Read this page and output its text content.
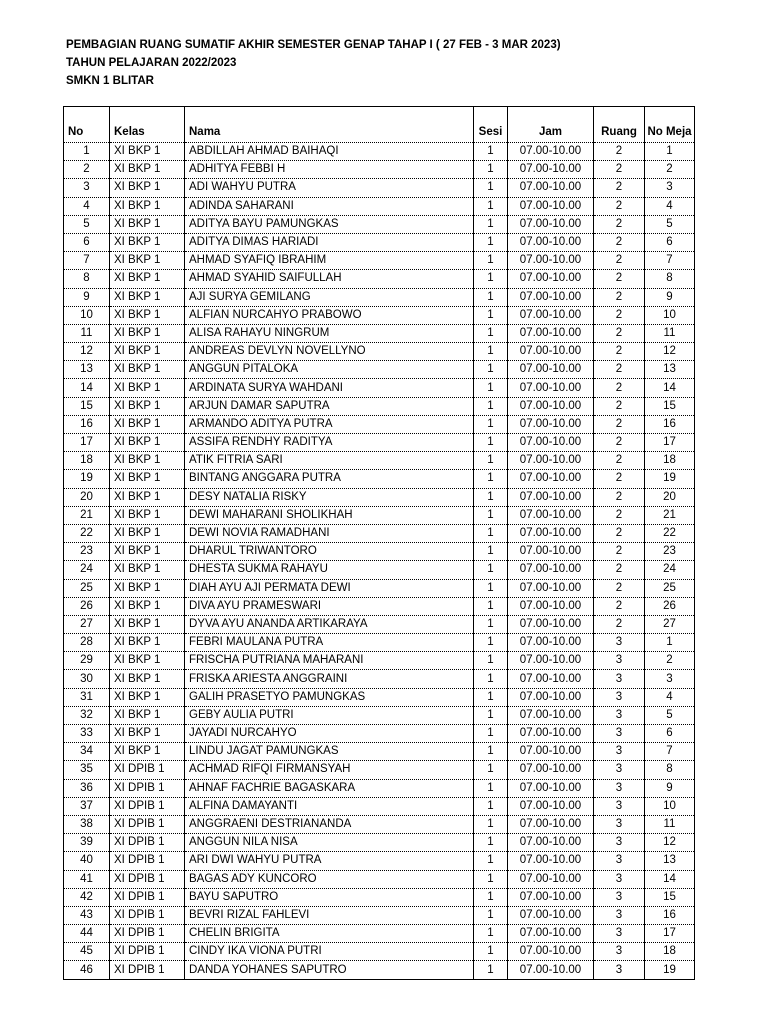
PEMBAGIAN RUANG SUMATIF AKHIR SEMESTER GENAP TAHAP I ( 27 FEB - 3 MAR 2023)
TAHUN PELAJARAN 2022/2023
SMKN 1 BLITAR
No	Kelas	Nama	Sesi	Jam	Ruang	No Meja
1	XI BKP 1	ABDILLAH AHMAD BAIHAQI	1	07.00-10.00	2	1
2	XI BKP 1	ADHITYA FEBBI H	1	07.00-10.00	2	2
3	XI BKP 1	ADI WAHYU PUTRA	1	07.00-10.00	2	3
4	XI BKP 1	ADINDA SAHARANI	1	07.00-10.00	2	4
5	XI BKP 1	ADITYA BAYU PAMUNGKAS	1	07.00-10.00	2	5
6	XI BKP 1	ADITYA DIMAS HARIADI	1	07.00-10.00	2	6
7	XI BKP 1	AHMAD SYAFIQ IBRAHIM	1	07.00-10.00	2	7
8	XI BKP 1	AHMAD SYAHID SAIFULLAH	1	07.00-10.00	2	8
9	XI BKP 1	AJI SURYA GEMILANG	1	07.00-10.00	2	9
10	XI BKP 1	ALFIAN NURCAHYO PRABOWO	1	07.00-10.00	2	10
11	XI BKP 1	ALISA RAHAYU NINGRUM	1	07.00-10.00	2	11
12	XI BKP 1	ANDREAS DEVLYN NOVELLYNO	1	07.00-10.00	2	12
13	XI BKP 1	ANGGUN PITALOKA	1	07.00-10.00	2	13
14	XI BKP 1	ARDINATA SURYA WAHDANI	1	07.00-10.00	2	14
15	XI BKP 1	ARJUN DAMAR SAPUTRA	1	07.00-10.00	2	15
16	XI BKP 1	ARMANDO ADITYA PUTRA	1	07.00-10.00	2	16
17	XI BKP 1	ASSIFA RENDHY RADITYA	1	07.00-10.00	2	17
18	XI BKP 1	ATIK FITRIA SARI	1	07.00-10.00	2	18
19	XI BKP 1	BINTANG ANGGARA PUTRA	1	07.00-10.00	2	19
20	XI BKP 1	DESY NATALIA RISKY	1	07.00-10.00	2	20
21	XI BKP 1	DEWI MAHARANI SHOLIKHAH	1	07.00-10.00	2	21
22	XI BKP 1	DEWI NOVIA RAMADHANI	1	07.00-10.00	2	22
23	XI BKP 1	DHARUL TRIWANTORO	1	07.00-10.00	2	23
24	XI BKP 1	DHESTA SUKMA RAHAYU	1	07.00-10.00	2	24
25	XI BKP 1	DIAH AYU AJI PERMATA DEWI	1	07.00-10.00	2	25
26	XI BKP 1	DIVA AYU PRAMESWARI	1	07.00-10.00	2	26
27	XI BKP 1	DYVA AYU ANANDA ARTIKARAYA	1	07.00-10.00	2	27
28	XI BKP 1	FEBRI MAULANA PUTRA	1	07.00-10.00	3	1
29	XI BKP 1	FRISCHA PUTRIANA MAHARANI	1	07.00-10.00	3	2
30	XI BKP 1	FRISKA ARIESTA ANGGRAINI	1	07.00-10.00	3	3
31	XI BKP 1	GALIH PRASETYO PAMUNGKAS	1	07.00-10.00	3	4
32	XI BKP 1	GEBY AULIA PUTRI	1	07.00-10.00	3	5
33	XI BKP 1	JAYADI NURCAHYO	1	07.00-10.00	3	6
34	XI BKP 1	LINDU JAGAT PAMUNGKAS	1	07.00-10.00	3	7
35	XI DPIB 1	ACHMAD RIFQI FIRMANSYAH	1	07.00-10.00	3	8
36	XI DPIB 1	AHNAF FACHRIE BAGASKARA	1	07.00-10.00	3	9
37	XI DPIB 1	ALFINA DAMAYANTI	1	07.00-10.00	3	10
38	XI DPIB 1	ANGGRAENI DESTRIANANDA	1	07.00-10.00	3	11
39	XI DPIB 1	ANGGUN NILA NISA	1	07.00-10.00	3	12
40	XI DPIB 1	ARI DWI WAHYU PUTRA	1	07.00-10.00	3	13
41	XI DPIB 1	BAGAS ADY KUNCORO	1	07.00-10.00	3	14
42	XI DPIB 1	BAYU SAPUTRO	1	07.00-10.00	3	15
43	XI DPIB 1	BEVRI RIZAL FAHLEVI	1	07.00-10.00	3	16
44	XI DPIB 1	CHELIN BRIGITA	1	07.00-10.00	3	17
45	XI DPIB 1	CINDY IKA VIONA PUTRI	1	07.00-10.00	3	18
46	XI DPIB 1	DANDA YOHANES SAPUTRO	1	07.00-10.00	3	19
